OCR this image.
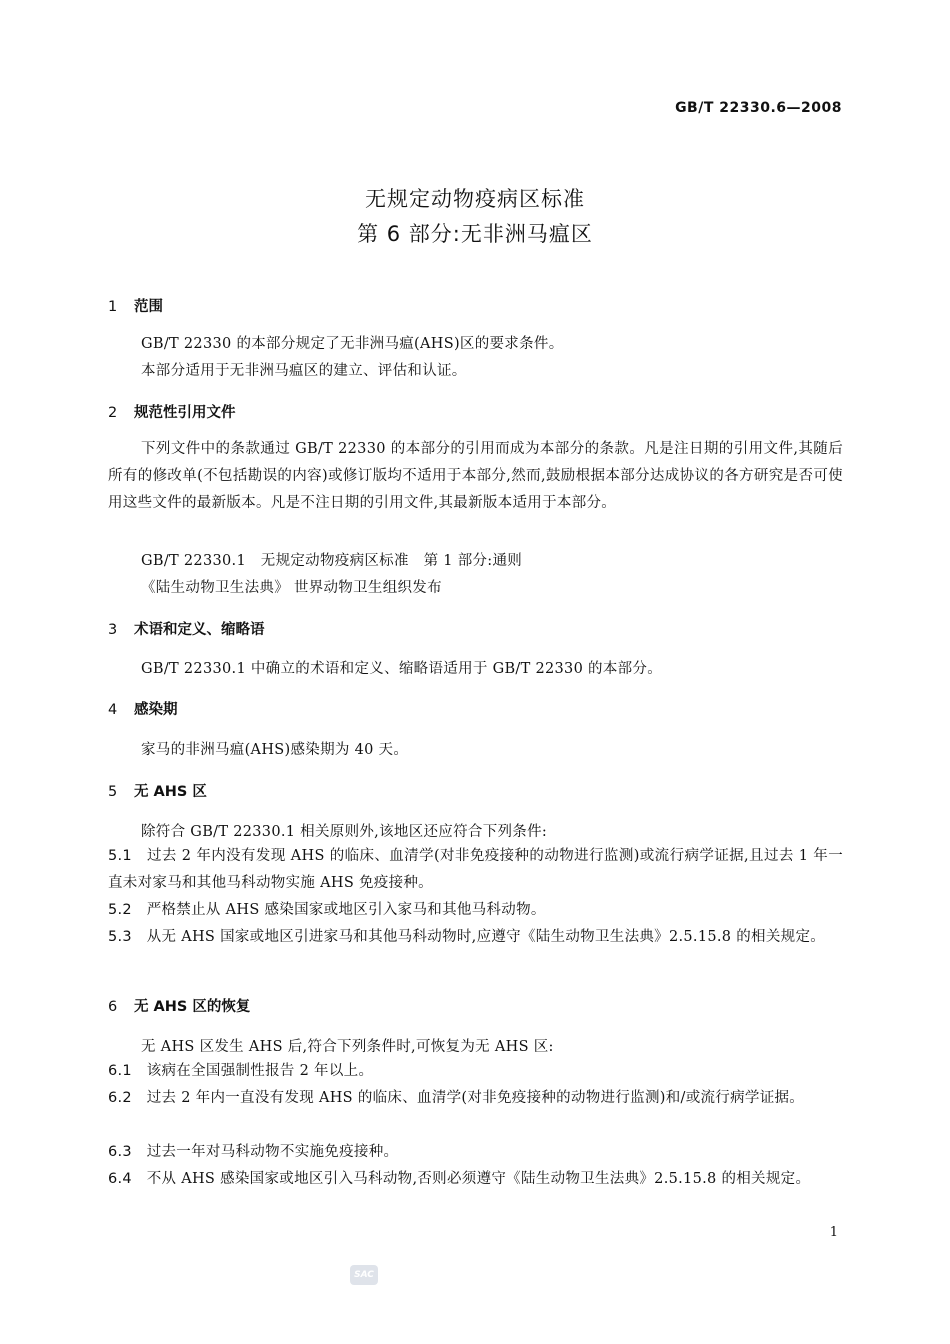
GB/T 22330.6—2008
无规定动物疫病区标准
第 6 部分:无非洲马瘟区
1 范围
GB/T 22330 的本部分规定了无非洲马瘟(AHS)区的要求条件。
本部分适用于无非洲马瘟区的建立、评估和认证。
2 规范性引用文件
下列文件中的条款通过 GB/T 22330 的本部分的引用而成为本部分的条款。凡是注日期的引用文件,其随后所有的修改单(不包括勘误的内容)或修订版均不适用于本部分,然而,鼓励根据本部分达成协议的各方研究是否可使用这些文件的最新版本。凡是不注日期的引用文件,其最新版本适用于本部分。
GB/T 22330.1　无规定动物疫病区标准　第 1 部分:通则
《陆生动物卫生法典》 世界动物卫生组织发布
3 术语和定义、缩略语
GB/T 22330.1 中确立的术语和定义、缩略语适用于 GB/T 22330 的本部分。
4 感染期
家马的非洲马瘟(AHS)感染期为 40 天。
5 无 AHS 区
除符合 GB/T 22330.1 相关原则外,该地区还应符合下列条件:
5.1 过去 2 年内没有发现 AHS 的临床、血清学(对非免疫接种的动物进行监测)或流行病学证据,且过去 1 年一直未对家马和其他马科动物实施 AHS 免疫接种。
5.2 严格禁止从 AHS 感染国家或地区引入家马和其他马科动物。
5.3 从无 AHS 国家或地区引进家马和其他马科动物时,应遵守《陆生动物卫生法典》2.5.15.8 的相关规定。
6 无 AHS 区的恢复
无 AHS 区发生 AHS 后,符合下列条件时,可恢复为无 AHS 区:
6.1 该病在全国强制性报告 2 年以上。
6.2 过去 2 年内一直没有发现 AHS 的临床、血清学(对非免疫接种的动物进行监测)和/或流行病学证据。
6.3 过去一年对马科动物不实施免疫接种。
6.4 不从 AHS 感染国家或地区引入马科动物,否则必须遵守《陆生动物卫生法典》2.5.15.8 的相关规定。
1
SAC
